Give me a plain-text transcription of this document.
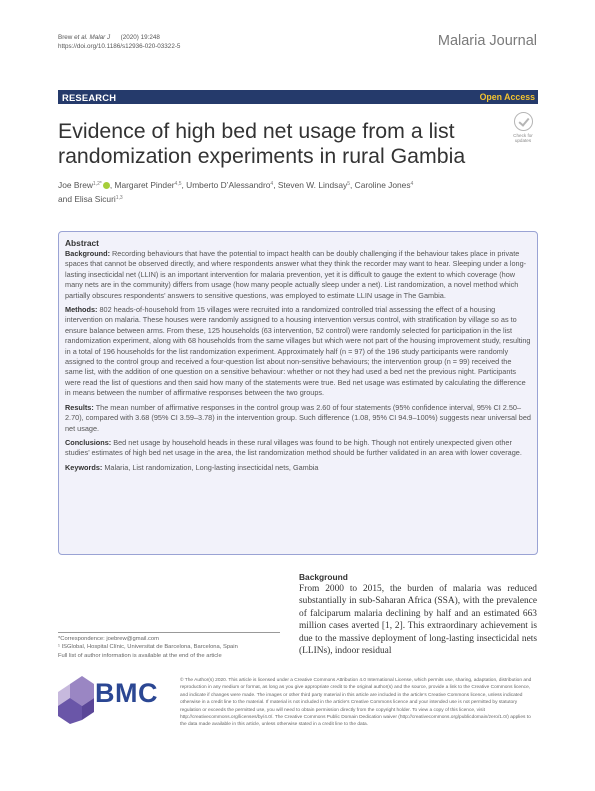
Brew et al. Malar J (2020) 19:248
https://doi.org/10.1186/s12936-020-03322-5	Malaria Journal
RESEARCH	Open Access
Check for
updates
Evidence of high bed net usage from a list
randomization experiments in rural Gambia
Joe Brew$^{1,2*}$ , Margaret Pinder$^{4,5}$, Umberto D’Alessandro$^4$, Steven W. Lindsay$^5$, Caroline Jones$^4$
and Elisa Sicuri$^{1,3}$
Abstract

Background: Recording behaviours that have the potential to impact health can be doubly challenging if the behaviour takes place in private spaces that cannot be observed directly, and where respondents answer what they think the recorder may want to hear. Sleeping under a long-lasting insecticidal net (LLIN) is an important intervention for malaria prevention, yet it is difficult to gauge the extent to which coverage (how many nets are in the community) differs from usage (how many people actually sleep under a net). List randomization, a novel method which partially obscures respondents’ answers to sensitive questions, was employed to estimate LLIN usage in The Gambia.

Methods: 802 heads-of-household from 15 villages were recruited into a randomized controlled trial assessing the effect of a housing intervention on malaria. These houses were randomly assigned to a housing intervention versus control, with stratification by village so as to ensure balance between arms. From these, 125 households (63 intervention, 52 control) were randomly selected for participation in the list randomization experiment, along with 68 households from the same villages but which were not part of the housing improvement study, resulting in a total of 196 households for the list randomization experiment. Approximately half (n = 97) of the 196 study participants were randomly assigned to the control group and received a four-question list about non-sensitive behaviours; the intervention group (n = 99) received the same list, with the addition of one question on a sensitive behaviour: whether or not they had used a bed net the previous night. Participants were read the list of questions and then said how many of the statements were true. Bed net usage was estimated by calculating the difference in means between the number of affirmative responses between the two groups.

Results: The mean number of affirmative responses in the control group was 2.60 of four statements (95% confidence interval, 95% CI 2.50–2.70), compared with 3.68 (95% CI 3.59–3.78) in the intervention group. Such difference (1.08, 95% CI 94.9–100%) suggests near universal bed net usage.

Conclusions: Bed net usage by household heads in these rural villages was found to be high. Though not entirely unexpected given other studies’ estimates of high bed net usage in the area, the list randomization method should be further validated in an area with lower coverage.

Keywords: Malaria, List randomization, Long-lasting insecticidal nets, Gambia

*Correspondence: joebrew@gmail.com
¹ ISGlobal, Hospital Clínic, Universitat de Barcelona, Barcelona, Spain
Full list of author information is available at the end of the article
Background

From 2000 to 2015, the burden of malaria was reduced substantially in sub-Saharan Africa (SSA), with the prevalence of falciparum malaria declining by half and an estimated 663 million cases averted [1, 2]. This extraordinary achievement is due to the massive deployment of long-lasting insecticidal nets (LLINs), indoor residual

BMC	© The Author(s) 2020. This article is licensed under a Creative Commons Attribution 4.0 International License, which permits use, sharing, adaptation, distribution and reproduction in any medium or format, as long as you give appropriate credit to the original author(s) and the source, provide a link to the Creative Commons licence, and indicate if changes were made. The images or other third party material in this article are included in the article’s Creative Commons licence, unless indicated otherwise in a credit line to the material. If material is not included in the article’s Creative Commons licence and your intended use is not permitted by statutory regulation or exceeds the permitted use, you will need to obtain permission directly from the copyright holder. To view a copy of this licence, visit http://creativecommons.org/licenses/by/4.0/. The Creative Commons Public Domain Dedication waiver (http://creativecommons.org/publicdomain/zero/1.0/) applies to the data made available in this article, unless otherwise stated in a credit line to the data.
